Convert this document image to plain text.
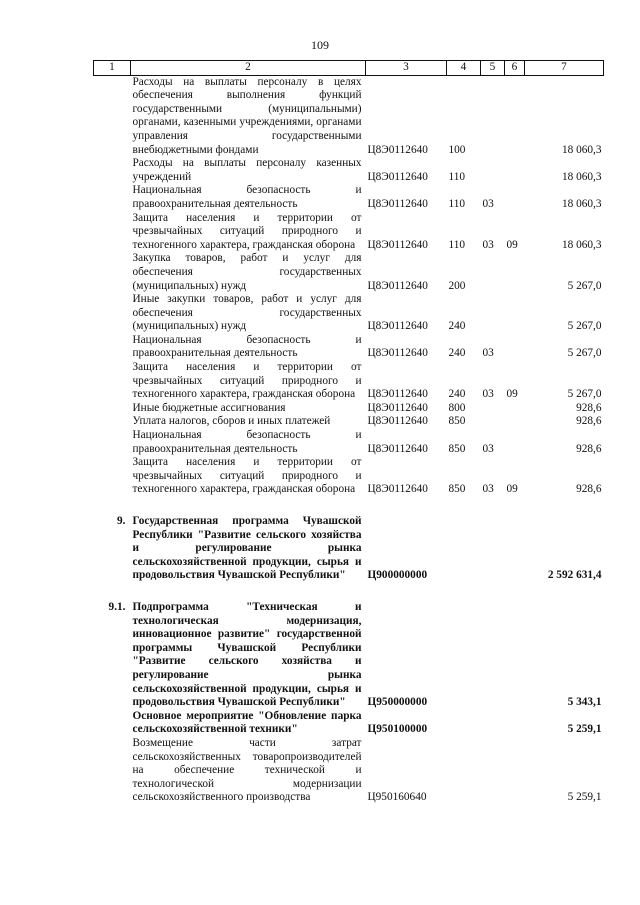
109
1	2	3	4	5	6	7
	Расходы на выплаты персоналу в целях обеспечения выполнения функций государственными (муниципальными) органами, казенными учреждениями, органами управления государственными внебюджетными фондами	Ц8Э0112640	100			18 060,3
	Расходы на выплаты персоналу казенных учреждений	Ц8Э0112640	110			18 060,3
	Национальная безопасность и правоохранительная деятельность	Ц8Э0112640	110	03		18 060,3
	Защита населения и территории от чрезвычайных ситуаций природного и техногенного характера, гражданская оборона	Ц8Э0112640	110	03	09	18 060,3
	Закупка товаров, работ и услуг для обеспечения государственных (муниципальных) нужд	Ц8Э0112640	200			5 267,0
	Иные закупки товаров, работ и услуг для обеспечения государственных (муниципальных) нужд	Ц8Э0112640	240			5 267,0
	Национальная безопасность и правоохранительная деятельность	Ц8Э0112640	240	03		5 267,0
	Защита населения и территории от чрезвычайных ситуаций природного и техногенного характера, гражданская оборона	Ц8Э0112640	240	03	09	5 267,0
	Иные бюджетные ассигнования	Ц8Э0112640	800			928,6
	Уплата налогов, сборов и иных платежей	Ц8Э0112640	850			928,6
	Национальная безопасность и правоохранительная деятельность	Ц8Э0112640	850	03		928,6
	Защита населения и территории от чрезвычайных ситуаций природного и техногенного характера, гражданская оборона	Ц8Э0112640	850	03	09	928,6

9.	Государственная программа Чувашской Республики "Развитие сельского хозяйства и регулирование рынка сельскохозяйственной продукции, сырья и продовольствия Чувашской Республики"	Ц900000000				2 592 631,4

9.1.	Подпрограмма "Техническая и технологическая модернизация, инновационное развитие" государственной программы Чувашской Республики "Развитие сельского хозяйства и регулирование рынка сельскохозяйственной продукции, сырья и продовольствия Чувашской Республики"	Ц950000000				5 343,1
	Основное мероприятие "Обновление парка сельскохозяйственной техники"	Ц950100000				5 259,1
	Возмещение части затрат сельскохозяйственных товаропроизводителей на обеспечение технической и технологической модернизации сельскохозяйственного производства	Ц950160640				5 259,1
